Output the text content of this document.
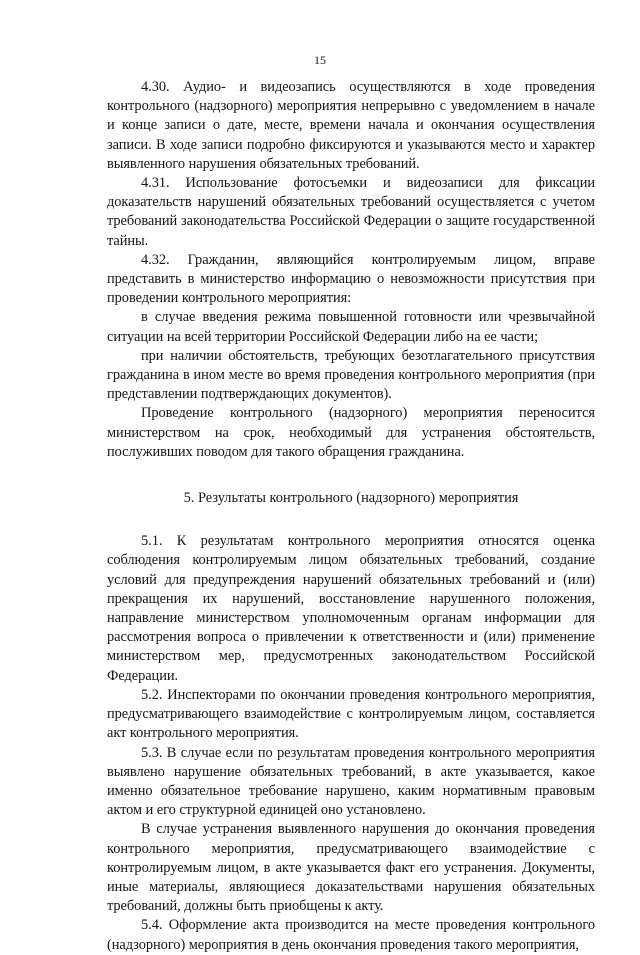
15

4.30. Аудио- и видеозапись осуществляются в ходе проведения контрольного (надзорного) мероприятия непрерывно с уведомлением в начале и конце записи о дате, месте, времени начала и окончания осуществления записи. В ходе записи подробно фиксируются и указываются место и характер выявленного нарушения обязательных требований.

4.31. Использование фотосъемки и видеозаписи для фиксации доказательств нарушений обязательных требований осуществляется с учетом требований законодательства Российской Федерации о защите государственной тайны.

4.32. Гражданин, являющийся контролируемым лицом, вправе представить в министерство информацию о невозможности присутствия при проведении контрольного мероприятия:

в случае введения режима повышенной готовности или чрезвычайной ситуации на всей территории Российской Федерации либо на ее части;

при наличии обстоятельств, требующих безотлагательного присутствия гражданина в ином месте во время проведения контрольного мероприятия (при представлении подтверждающих документов).

Проведение контрольного (надзорного) мероприятия переносится министерством на срок, необходимый для устранения обстоятельств, послуживших поводом для такого обращения гражданина.

5. Результаты контрольного (надзорного) мероприятия

5.1. К результатам контрольного мероприятия относятся оценка соблюдения контролируемым лицом обязательных требований, создание условий для предупреждения нарушений обязательных требований и (или) прекращения их нарушений, восстановление нарушенного положения, направление министерством уполномоченным органам информации для рассмотрения вопроса о привлечении к ответственности и (или) применение министерством мер, предусмотренных законодательством Российской Федерации.

5.2. Инспекторами по окончании проведения контрольного мероприятия, предусматривающего взаимодействие с контролируемым лицом, составляется акт контрольного мероприятия.

5.3. В случае если по результатам проведения контрольного мероприятия выявлено нарушение обязательных требований, в акте указывается, какое именно обязательное требование нарушено, каким нормативным правовым актом и его структурной единицей оно установлено.

В случае устранения выявленного нарушения до окончания проведения контрольного мероприятия, предусматривающего взаимодействие с контролируемым лицом, в акте указывается факт его устранения. Документы, иные материалы, являющиеся доказательствами нарушения обязательных требований, должны быть приобщены к акту.

5.4. Оформление акта производится на месте проведения контрольного (надзорного) мероприятия в день окончания проведения такого мероприятия,
